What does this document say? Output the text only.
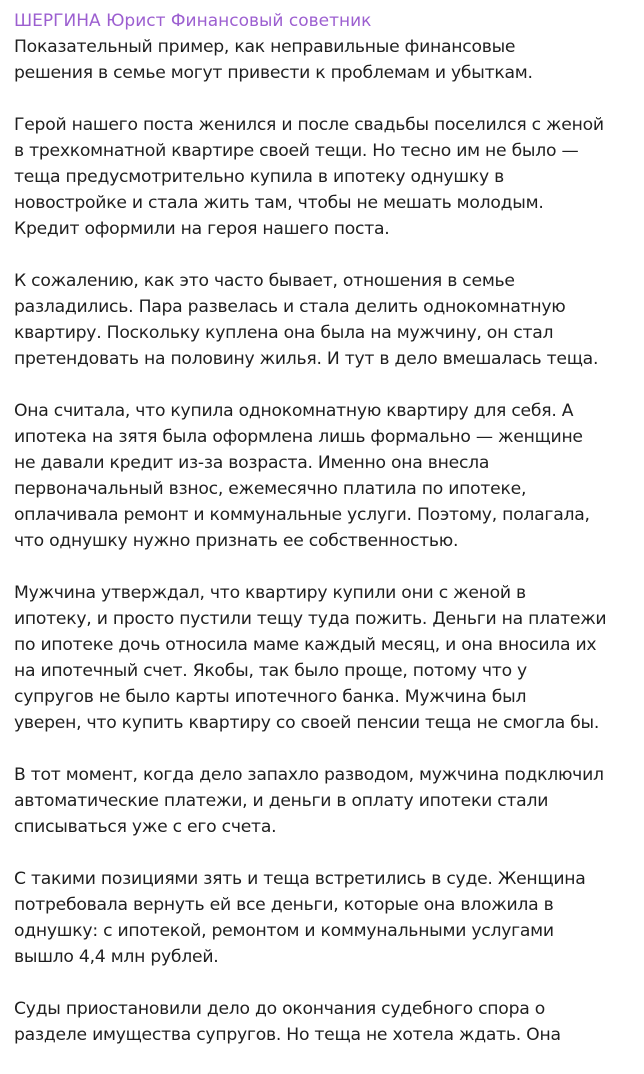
ШЕРГИНА Юрист Финансовый советник

Показательный пример, как неправильные финансовые
решения в семье могут привести к проблемам и убыткам.

Герой нашего поста женился и после свадьбы поселился с женой
в трехкомнатной квартире своей тещи. Но тесно им не было —
теща предусмотрительно купила в ипотеку однушку в
новостройке и стала жить там, чтобы не мешать молодым.
Кредит оформили на героя нашего поста.

К сожалению, как это часто бывает, отношения в семье
разладились. Пара развелась и стала делить однокомнатную
квартиру. Поскольку куплена она была на мужчину, он стал
претендовать на половину жилья. И тут в дело вмешалась теща.

Она считала, что купила однокомнатную квартиру для себя. А
ипотека на зятя была оформлена лишь формально — женщине
не давали кредит из-за возраста. Именно она внесла
первоначальный взнос, ежемесячно платила по ипотеке,
оплачивала ремонт и коммунальные услуги. Поэтому, полагала,
что однушку нужно признать ее собственностью.

Мужчина утверждал, что квартиру купили они с женой в
ипотеку, и просто пустили тещу туда пожить. Деньги на платежи
по ипотеке дочь относила маме каждый месяц, и она вносила их
на ипотечный счет. Якобы, так было проще, потому что у
супругов не было карты ипотечного банка. Мужчина был
уверен, что купить квартиру со своей пенсии теща не смогла бы.

В тот момент, когда дело запахло разводом, мужчина подключил
автоматические платежи, и деньги в оплату ипотеки стали
списываться уже с его счета.

С такими позициями зять и теща встретились в суде. Женщина
потребовала вернуть ей все деньги, которые она вложила в
однушку: с ипотекой, ремонтом и коммунальными услугами
вышло 4,4 млн рублей.

Суды приостановили дело до окончания судебного спора о
разделе имущества супругов. Но теща не хотела ждать. Она
